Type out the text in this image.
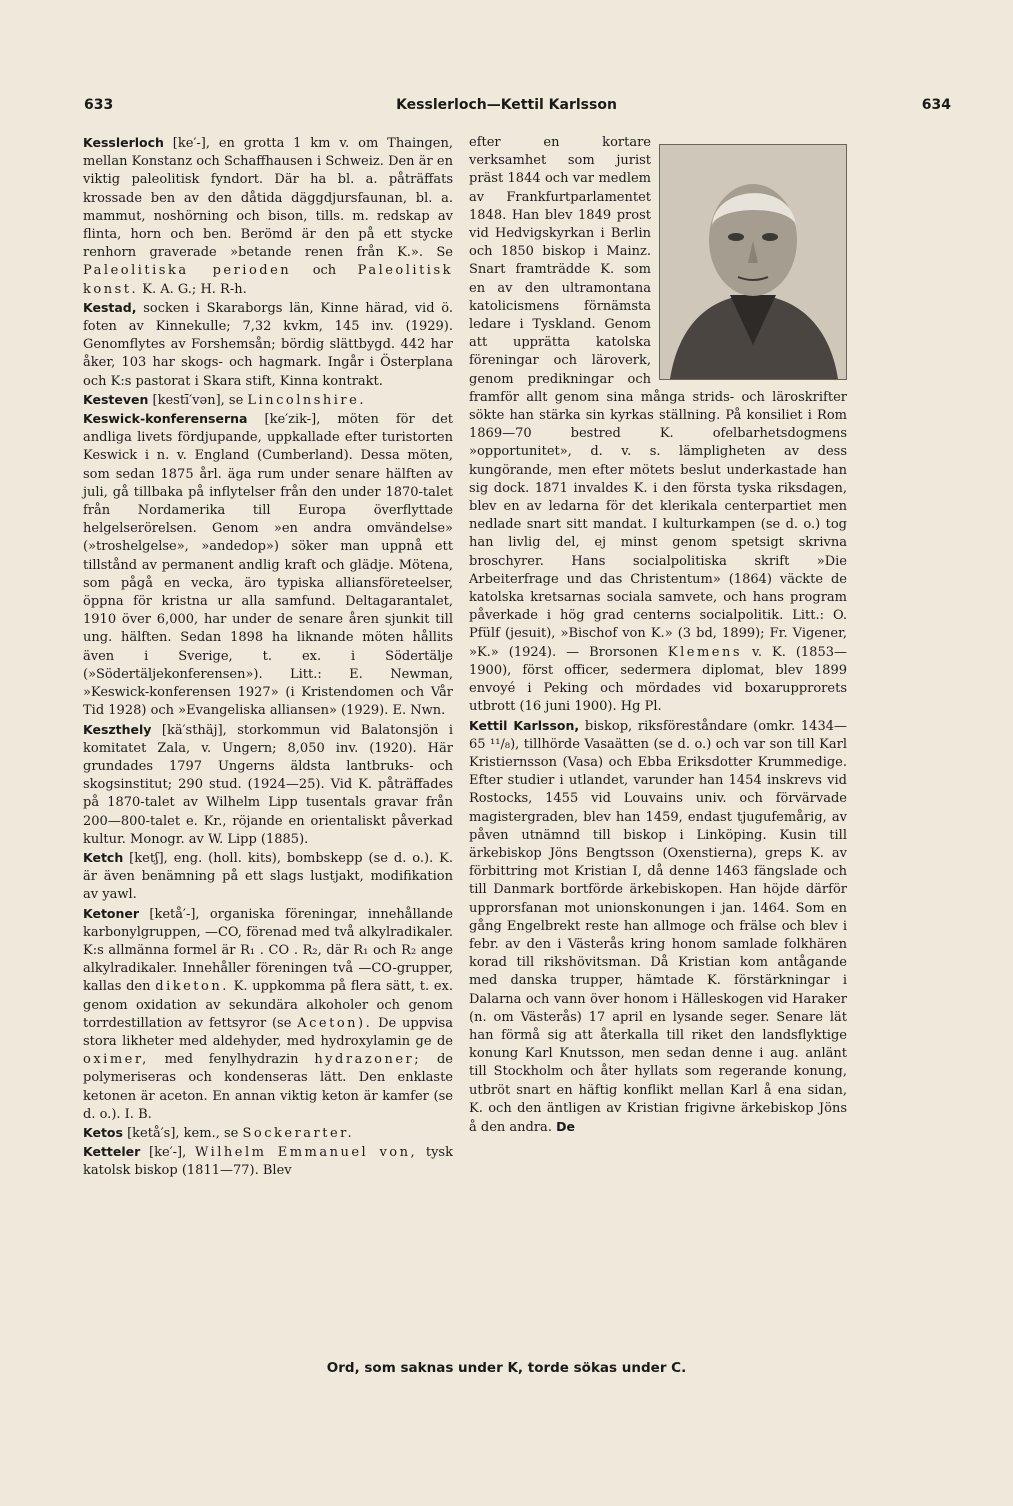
633	Kesslerloch—Kettil Karlsson	634

Kesslerloch [ke′-], en grotta 1 km v. om Thaingen, mellan Konstanz och Schaffhausen i Schweiz. Den är en viktig paleolitisk fyndort. Där ha bl. a. påträffats krossade ben av den dåtida däggdjursfaunan, bl. a. mammut, noshörning och bison, tills. m. redskap av flinta, horn och ben. Berömd är den på ett stycke renhorn graverade »betande renen från K.». Se Paleolitiska perioden och Paleolitisk konst. K. A. G.; H. R-h.

Kestad, socken i Skaraborgs län, Kinne härad, vid ö. foten av Kinnekulle; 7,32 kvkm, 145 inv. (1929). Genomflytes av Forshemsån; bördig slättbygd. 442 har åker, 103 har skogs- och hagmark. Ingår i Österplana och K:s pastorat i Skara stift, Kinna kontrakt.

Kesteven [kestī′vən], se Lincolnshire.

Keswick-konferenserna [ke′zik-], möten för det andliga livets fördjupande, uppkallade efter turistorten Keswick i n. v. England (Cumberland). Dessa möten, som sedan 1875 årl. äga rum under senare hälften av juli, gå tillbaka på inflytelser från den under 1870-talet från Nordamerika till Europa överflyttade helgelserörelsen. Genom »en andra omvändelse» (»troshelgelse», »andedop») söker man uppnå ett tillstånd av permanent andlig kraft och glädje. Mötena, som pågå en vecka, äro typiska alliansföreteelser, öppna för kristna ur alla samfund. Deltagarantalet, 1910 över 6,000, har under de senare åren sjunkit till ung. hälften. Sedan 1898 ha liknande möten hållits även i Sverige, t. ex. i Södertälje (»Södertäljekonferensen»). Litt.: E. Newman, »Keswick-konferensen 1927» (i Kristendomen och Vår Tid 1928) och »Evangeliska alliansen» (1929). E. Nwn.

Keszthely [kä′sthäj], storkommun vid Balatonsjön i komitatet Zala, v. Ungern; 8,050 inv. (1920). Här grundades 1797 Ungerns äldsta lantbruks- och skogsinstitut; 290 stud. (1924—25). Vid K. påträffades på 1870-talet av Wilhelm Lipp tusentals gravar från 200—800-talet e. Kr., röjande en orientaliskt påverkad kultur. Monogr. av W. Lipp (1885).

Ketch [ketʃ], eng. (holl. kits), bombskepp (se d. o.). K. är även benämning på ett slags lustjakt, modifikation av yawl.

Ketoner [ketå′-], organiska föreningar, innehållande karbonylgruppen, —CO, förenad med två alkylradikaler. K:s allmänna formel är R₁ . CO . R₂, där R₁ och R₂ ange alkylradikaler. Innehåller föreningen två —CO-grupper, kallas den diketon. K. uppkomma på flera sätt, t. ex. genom oxidation av sekundära alkoholer och genom torrdestillation av fettsyror (se Aceton). De uppvisa stora likheter med aldehyder, med hydroxylamin ge de oximer, med fenylhydrazin hydrazoner; de polymeriseras och kondenseras lätt. Den enklaste ketonen är aceton. En annan viktig keton är kamfer (se d. o.). I. B.

Ketos [ketå′s], kem., se Sockerarter.

Ketteler [ke′-], Wilhelm Emmanuel von, tysk katolsk biskop (1811—77). Blev

efter en kortare verksamhet som jurist präst 1844 och var medlem av Frankfurtparlamentet 1848. Han blev 1849 prost vid Hedvigskyrkan i Berlin och 1850 biskop i Mainz. Snart framträdde K. som en av den ultramontana katolicismens förnämsta ledare i Tyskland. Genom att upprätta katolska föreningar och läroverk, genom predikningar och framför allt genom sina många strids- och läroskrifter sökte han stärka sin kyrkas ställning. På konsiliet i Rom 1869—70 bestred K. ofelbarhetsdogmens »opportunitet», d. v. s. lämpligheten av dess kungörande, men efter mötets beslut underkastade han sig dock. 1871 invaldes K. i den första tyska riksdagen, blev en av ledarna för det klerikala centerpartiet men nedlade snart sitt mandat. I kulturkampen (se d. o.) tog han livlig del, ej minst genom spetsigt skrivna broschyrer. Hans socialpolitiska skrift »Die Arbeiterfrage und das Christentum» (1864) väckte de katolska kretsarnas sociala samvete, och hans program påverkade i hög grad centerns socialpolitik. Litt.: O. Pfülf (jesuit), »Bischof von K.» (3 bd, 1899); Fr. Vigener, »K.» (1924). — Brorsonen Klemens v. K. (1853—1900), först officer, sedermera diplomat, blev 1899 envoyé i Peking och mördades vid boxarupprorets utbrott (16 juni 1900). Hg Pl.

Kettil Karlsson, biskop, riksföreståndare (omkr. 1434—65 ¹¹/₈), tillhörde Vasaätten (se d. o.) och var son till Karl Kristiernsson (Vasa) och Ebba Eriksdotter Krummedige. Efter studier i utlandet, varunder han 1454 inskrevs vid Rostocks, 1455 vid Louvains univ. och förvärvade magistergraden, blev han 1459, endast tjugufemårig, av påven utnämnd till biskop i Linköping. Kusin till ärkebiskop Jöns Bengtsson (Oxenstierna), greps K. av förbittring mot Kristian I, då denne 1463 fängslade och till Danmark bortförde ärkebiskopen. Han höjde därför upprorsfanan mot unionskonungen i jan. 1464. Som en gång Engelbrekt reste han allmoge och frälse och blev i febr. av den i Västerås kring honom samlade folkhären korad till rikshövitsman. Då Kristian kom antågande med danska trupper, hämtade K. förstärkningar i Dalarna och vann över honom i Hälleskogen vid Haraker (n. om Västerås) 17 april en lysande seger. Senare lät han förmå sig att återkalla till riket den landsflyktige konung Karl Knutsson, men sedan denne i aug. anlänt till Stockholm och åter hyllats som regerande konung, utbröt snart en häftig konflikt mellan Karl å ena sidan, K. och den äntligen av Kristian frigivne ärkebiskop Jöns å den andra. De

Ord, som saknas under K, torde sökas under C.
